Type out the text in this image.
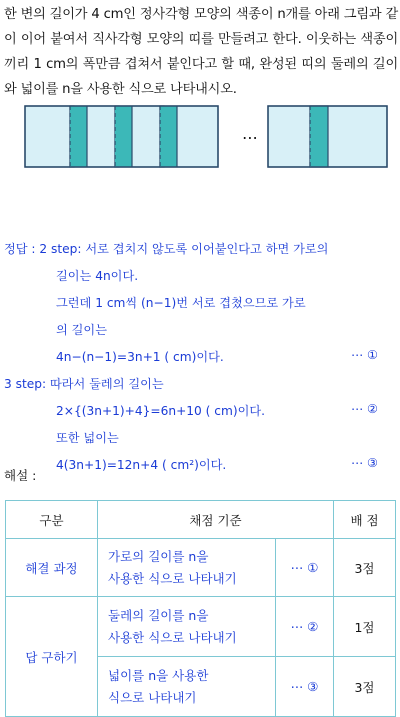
한 변의 길이가 4 cm인 정사각형 모양의 색종이 n개를 아래 그림과 같이 이어 붙여서 직사각형 모양의 띠를 만들려고 한다. 이웃하는 색종이끼리 1 cm의 폭만큼 겹쳐서 붙인다고 할 때, 완성된 띠의 둘레의 길이와 넓이를 n을 사용한 식으로 나타내시오.

⋯
정답 : 2 step: 서로 겹치지 않도록 이어붙인다고 하면 가로의
길이는 4n이다.
그런데 1 cm씩 (n−1)번 서로 겹쳤으므로 가로
의 길이는
4n−(n−1)=3n+1 ( cm)이다.	⋯ ①
3 step: 따라서 둘레의 길이는
2×{(3n+1)+4}=6n+10 ( cm)이다.	⋯ ②
또한 넓이는
4(3n+1)=12n+4 ( cm²)이다.	⋯ ③
해설 :
구분	채점 기준		배 점
해결 과정	가로의 길이를 n을
사용한 식으로 나타내기	⋯ ①	3점
답 구하기	둘레의 길이를 n을
사용한 식으로 나타내기	⋯ ②	1점
	넓이를 n을 사용한
식으로 나타내기	⋯ ③	3점
